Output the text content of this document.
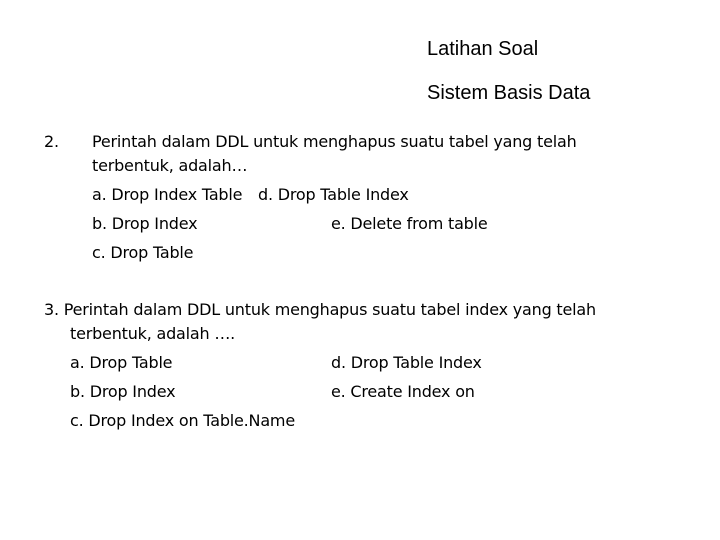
Latihan Soal
Sistem Basis Data
2. Perintah dalam DDL untuk menghapus suatu tabel yang telah
terbentuk, adalah…
a. Drop Index Table d. Drop Table Index
b. Drop Index	e. Delete from table
c. Drop Table
3. Perintah dalam DDL untuk menghapus suatu tabel index yang telah
terbentuk, adalah ….
a. Drop Table	d. Drop Table Index
b. Drop Index	e. Create Index on
c. Drop Index on Table.Name
